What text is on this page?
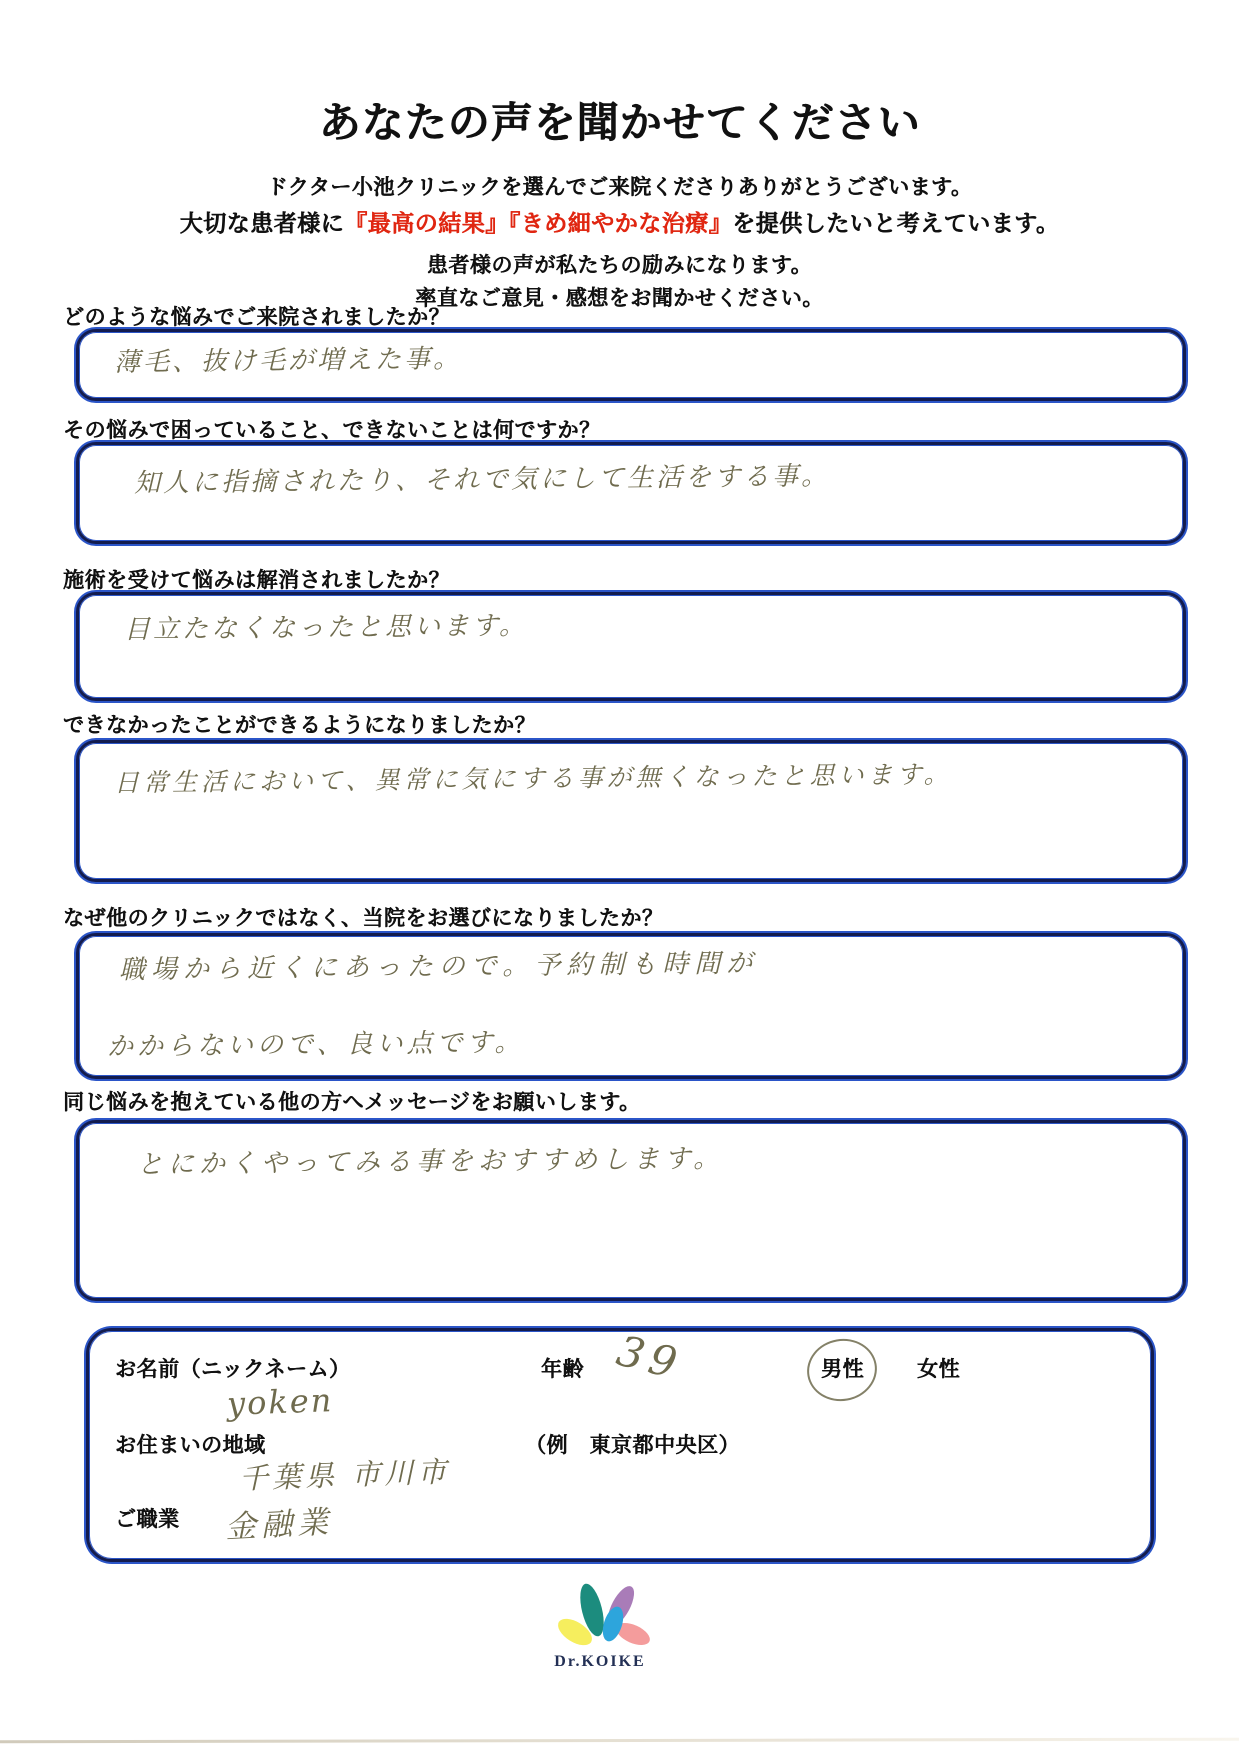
あなたの声を聞かせてください

ドクター小池クリニックを選んでご来院くださりありがとうございます。

大切な患者様に『最高の結果』『きめ細やかな治療』を提供したいと考えています。

患者様の声が私たちの励みになります。

率直なご意見・感想をお聞かせください。

どのような悩みでご来院されましたか？
薄毛、抜け毛が増えた事。
その悩みで困っていること、できないことは何ですか？
知人に指摘されたり、それで気にして生活をする事。
施術を受けて悩みは解消されましたか？
目立たなくなったと思います。
できなかったことができるようになりましたか？
日常生活において、異常に気にする事が無くなったと思います。
なぜ他のクリニックではなく、当院をお選びになりましたか？
職場から近くにあったので。予約制も時間が
かからないので、良い点です。
同じ悩みを抱えている他の方へメッセージをお願いします。
とにかくやってみる事をおすすめします。
お名前（ニックネーム）
yoken
年齢 39	男性	女性
お住まいの地域	（例　東京都中央区）
千葉県 市川市
ご職業 金融業
Dr.KOIKE
